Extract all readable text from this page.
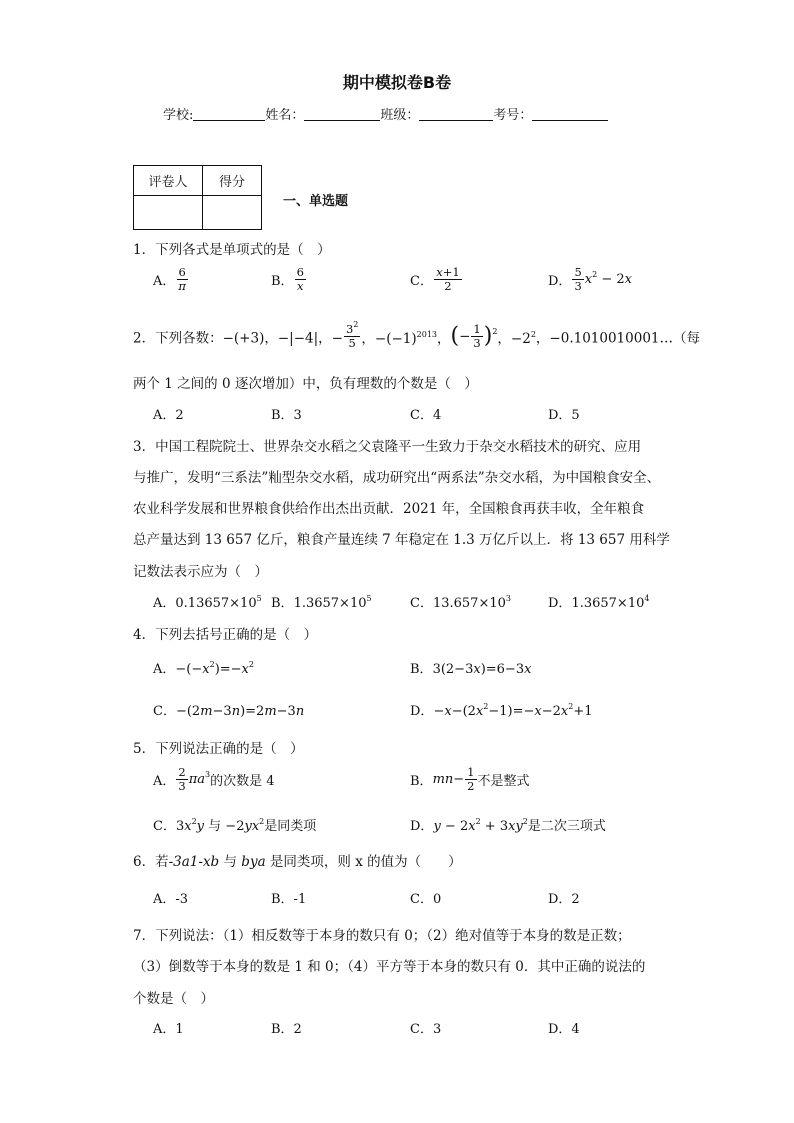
期中模拟卷B卷
学校:	姓名：	班级：	考号：
评卷人	得分

一、单选题
1．下列各式是单项式的是（　）
A． $\frac{6}{\pi}$	B． $\frac{6}{x}$	C． $\frac{x+1}{2}$	D． $\frac{5}{3} x^2 - 2x$
2．下列各数：−(+3)，−|−4|，− $\frac{3^2}{5}$ ，$-(-1)^{2013}$，(− $\frac{1}{3} )^2$，$-2^2$，−0.1010010001…（每
两个 1 之间的 0 逐次增加）中，负有理数的个数是（　）
A．2	B．3	C．4	D．5
3．中国工程院院士、世界杂交水稻之父袁隆平一生致力于杂交水稻技术的研究、应用
与推广，发明“三系法”籼型杂交水稻，成功研究出“两系法”杂交水稻，为中国粮食安全、
农业科学发展和世界粮食供给作出杰出贡献．2021 年，全国粮食再获丰收，全年粮食
总产量达到 13 657 亿斤，粮食产量连续 7 年稳定在 1.3 万亿斤以上．将 13 657 用科学
记数法表示应为（　）
A．$0.13657\times 10^5$ B．$1.3657\times 10^5$	C．$13.657\times 10^3$	D．$1.3657\times 10^4$
4．下列去括号正确的是（　）
A．$-(-x^2)=-x^2$	B．3(2−3x)=6−3x
C．−(2m−3n)=2m−3n	D．$-x-(2x^2-1)=-x-2x^2+1$
5．下列说法正确的是（　）
A． $\frac{2}{3} \pi a^3$的次数是 4	B．$mn- \frac{1}{2}$ 不是整式
C．$3x^2y$ 与 $-2yx^2$是同类项	D．$y - 2x^2 + 3xy^2$是二次三项式
6．若-3a1-xb 与 bya 是同类项，则 x 的值为（　　）
A．-3	B．-1	C．0	D．2
7．下列说法：（1）相反数等于本身的数只有 0；（2）绝对值等于本身的数是正数；
（3）倒数等于本身的数是 1 和 0；（4）平方等于本身的数只有 0．其中正确的说法的
个数是（　）
A．1	B．2	C．3	D．4
